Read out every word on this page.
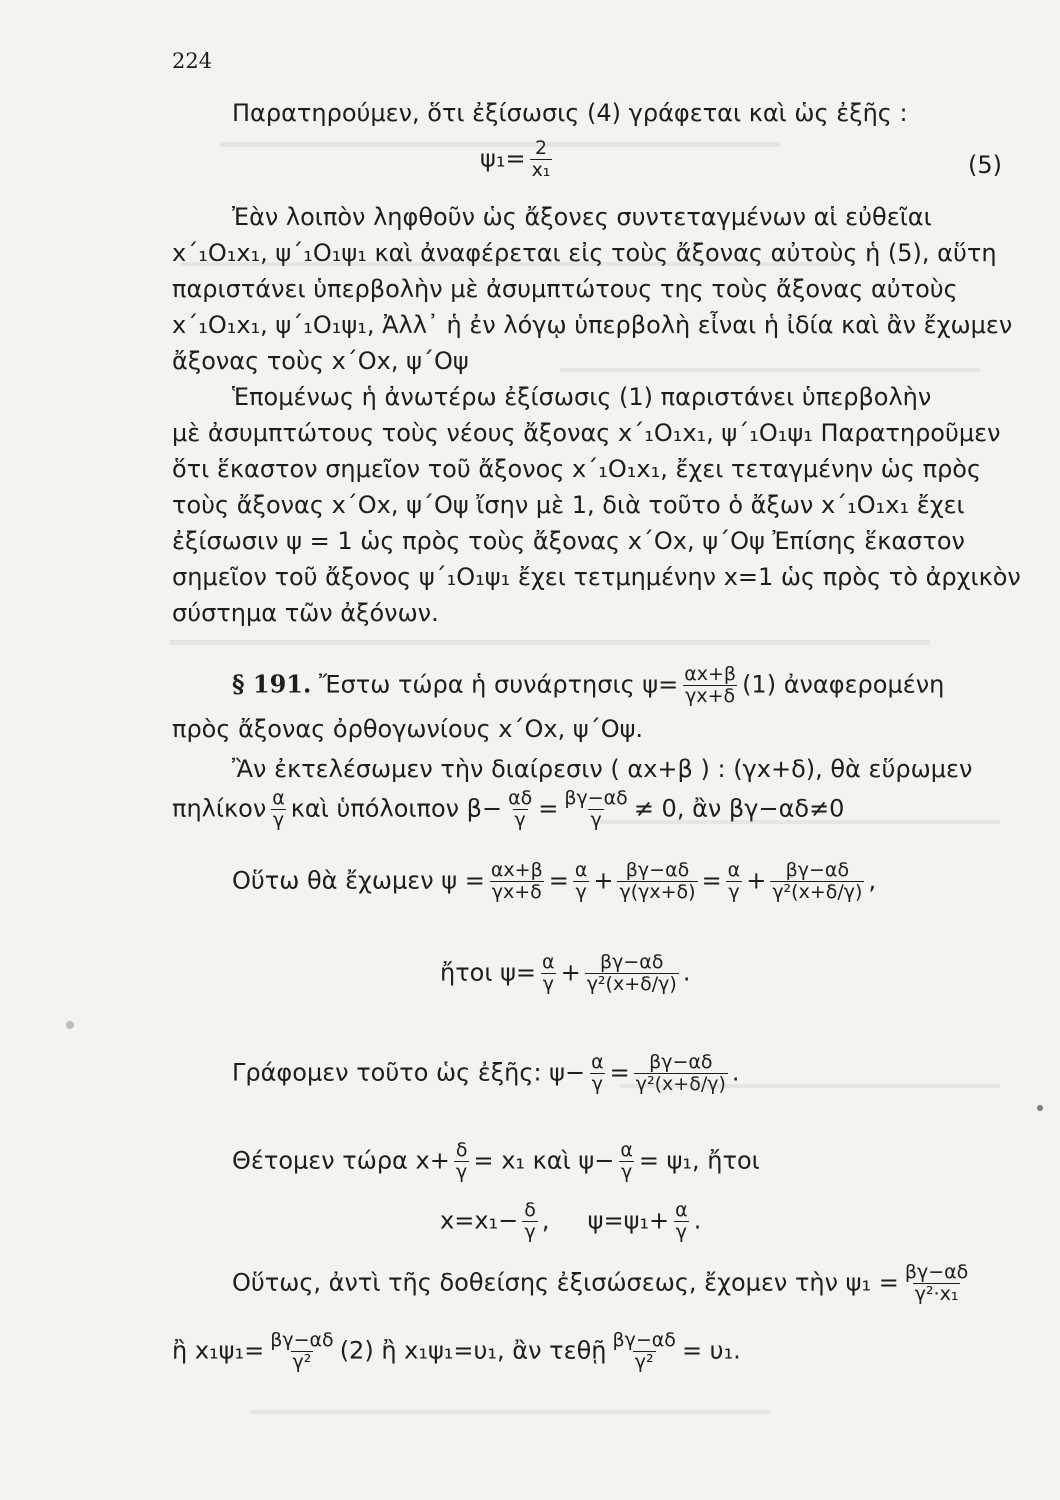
224
Παρατηρούμεν, ὅτι ἐξίσωσις (4) γράφεται καὶ ὡς ἐξῆς :
$\psi_1= \frac{2}{\text{x₁}}$	(5)
Ἐὰν λοιπὸν ληφθοῦν ὡς ἄξονες συντεταγμένων αἱ εὐθεῖαι
x΄₁O₁x₁, ψ΄₁O₁ψ₁ καὶ ἀναφέρεται εἰς τοὺς ἄξονας αὐτοὺς ἡ (5), αὕτη
παριστάνει ὑπερβολὴν μὲ ἀσυμπτώτους της τοὺς ἄξονας αὐτοὺς
x΄₁O₁x₁, ψ΄₁O₁ψ₁, Ἀλλ᾽ ἡ ἐν λόγῳ ὑπερβολὴ εἶναι ἡ ἰδία καὶ ἂν ἔχωμεν
ἄξονας τοὺς x΄Ox, ψ΄Oψ
Ἑπομένως ἡ ἀνωτέρω ἐξίσωσις (1) παριστάνει ὑπερβολὴν
μὲ ἀσυμπτώτους τοὺς νέους ἄξονας x΄₁O₁x₁, ψ΄₁O₁ψ₁ Παρατηροῦμεν
ὅτι ἕκαστον σημεῖον τοῦ ἄξονος x΄₁O₁x₁, ἔχει τεταγμένην ὡς πρὸς
τοὺς ἄξονας x΄Ox, ψ΄Oψ ἴσην μὲ 1, διὰ τοῦτο ὁ ἄξων x΄₁O₁x₁ ἔχει
ἐξίσωσιν ψ = 1 ὡς πρὸς τοὺς ἄξονας x΄Ox, ψ΄Oψ Ἐπίσης ἕκαστον
σημεῖον τοῦ ἄξονος ψ΄₁O₁ψ₁ ἔχει τετμημένην x=1 ὡς πρὸς τὸ ἀρχικὸν
σύστημα τῶν ἀξόνων.
§ 191. Ἔστω τώρα ἡ συνάρτησις $\psi= \frac{\alpha x+\beta}{\gamma x+\delta} (1)$ ἀναφερομένη
πρὸς ἄξονας ὀρθογωνίους x΄Ox, ψ΄Oψ.
Ἂν ἐκτελέσωμεν τὴν διαίρεσιν ( αx+β ) : (γx+δ), θὰ εὕρωμεν
πηλίκον $\frac{\alpha}{\gamma}$ καὶ ὑπόλοιπον $\beta- \frac{\alpha\delta}{\gamma} = \frac{\beta\gamma-\alpha\delta}{\gamma} \ne 0$, ἂν βγ−αδ≠0
Οὕτω θὰ ἔχωμεν $\psi = \frac{\alpha x+\beta}{\gamma x+\delta} = \frac{\alpha}{\gamma} + \frac{\beta\gamma-\alpha\delta}{\gamma(\gamma x+\delta)} = \frac{\alpha}{\gamma} + \frac{\beta\gamma-\alpha\delta}{\text{γ²(x+δ/γ)}}$ ,
ἤτοι $\psi= \frac{\alpha}{\gamma} + \frac{\beta\gamma-\alpha\delta}{\text{γ²(x+δ/γ)}}$ .
Γράφομεν τοῦτο ὡς ἐξῆς: $\psi- \frac{\alpha}{\gamma} = \frac{\beta\gamma-\alpha\delta}{\text{γ²(x+δ/γ)}}$ .
Θέτομεν τώρα $x+ \frac{\delta}{\gamma} = x_1$ καὶ $\psi- \frac{\alpha}{\gamma} = \psi_1$, ἤτοι
$x=x_1- \frac{\delta}{\gamma}$ ,     $\psi=\psi_1+ \frac{\alpha}{\gamma}$ .
Οὕτως, ἀντὶ τῆς δοθείσης ἐξισώσεως, ἔχομεν τὴν $\psi_1 = \frac{\beta\gamma-\alpha\delta}{\text{γ²·x₁}}$
ἢ $x_1\psi_1= \frac{\beta\gamma-\alpha\delta}{\text{γ²}} (2)$ ἢ x₁ψ₁=υ₁, ἂν τεθῇ $\frac{\beta\gamma-\alpha\delta}{\text{γ²}} = \upsilon_1$.
